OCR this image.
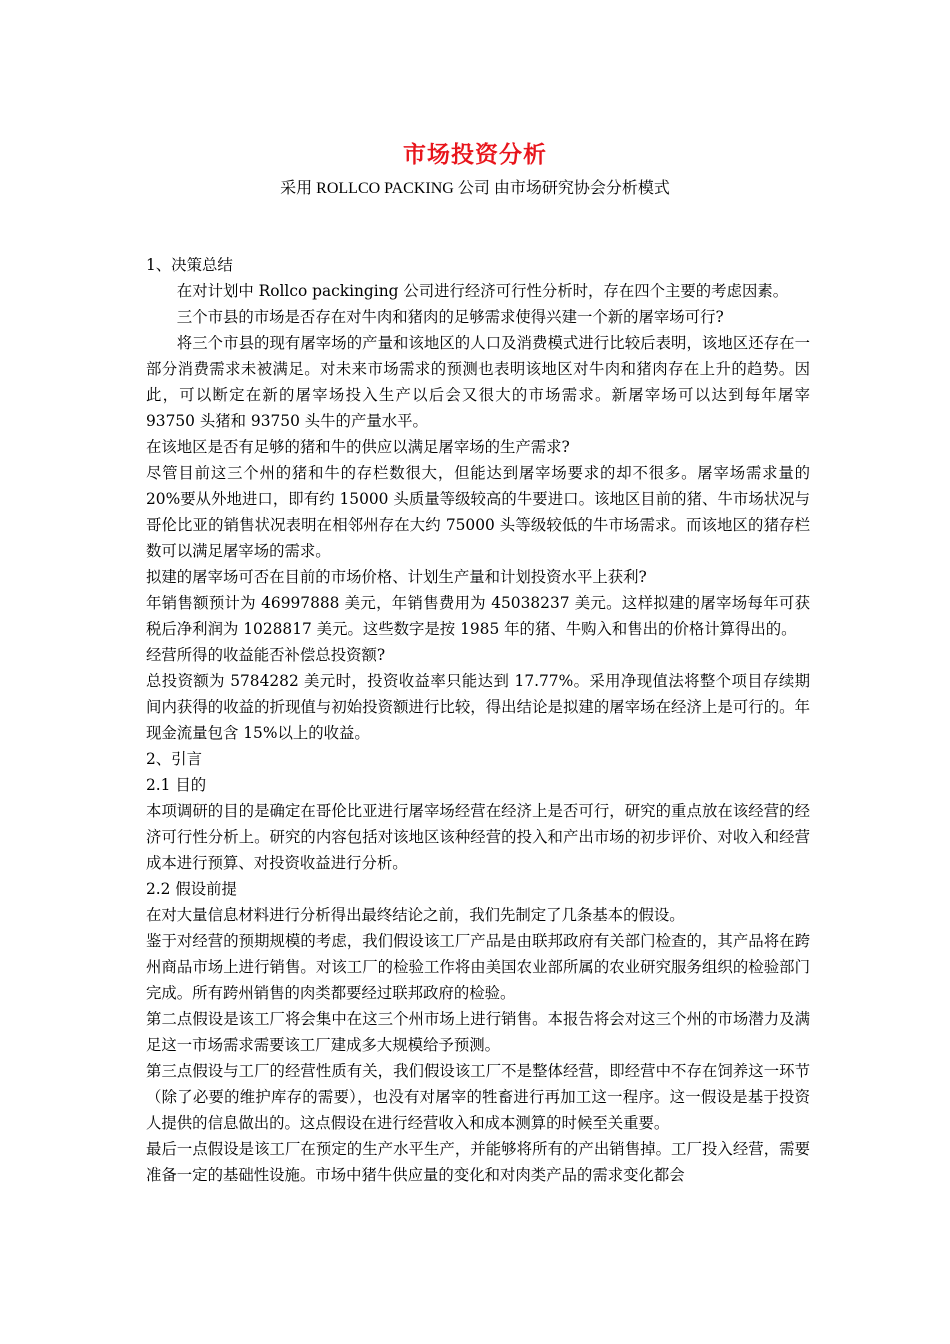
市场投资分析
采用 ROLLCO PACKING 公司 由市场研究协会分析模式

1、决策总结

在对计划中 Rollco packinging 公司进行经济可行性分析时，存在四个主要的考虑因素。

三个市县的市场是否存在对牛肉和猪肉的足够需求使得兴建一个新的屠宰场可行?

将三个市县的现有屠宰场的产量和该地区的人口及消费模式进行比较后表明，该地区还存在一部分消费需求未被满足。对未来市场需求的预测也表明该地区对牛肉和猪肉存在上升的趋势。因此，可以断定在新的屠宰场投入生产以后会又很大的市场需求。新屠宰场可以达到每年屠宰 93750 头猪和 93750 头牛的产量水平。

在该地区是否有足够的猪和牛的供应以满足屠宰场的生产需求?

尽管目前这三个州的猪和牛的存栏数很大，但能达到屠宰场要求的却不很多。屠宰场需求量的 20%要从外地进口，即有约 15000 头质量等级较高的牛要进口。该地区目前的猪、牛市场状况与哥伦比亚的销售状况表明在相邻州存在大约 75000 头等级较低的牛市场需求。而该地区的猪存栏数可以满足屠宰场的需求。

拟建的屠宰场可否在目前的市场价格、计划生产量和计划投资水平上获利?

年销售额预计为 46997888 美元，年销售费用为 45038237 美元。这样拟建的屠宰场每年可获税后净利润为 1028817 美元。这些数字是按 1985 年的猪、牛购入和售出的价格计算得出的。

经营所得的收益能否补偿总投资额?

总投资额为 5784282 美元时，投资收益率只能达到 17.77%。采用净现值法将整个项目存续期间内获得的收益的折现值与初始投资额进行比较，得出结论是拟建的屠宰场在经济上是可行的。年现金流量包含 15%以上的收益。

2、引言

2.1 目的

本项调研的目的是确定在哥伦比亚进行屠宰场经营在经济上是否可行，研究的重点放在该经营的经济可行性分析上。研究的内容包括对该地区该种经营的投入和产出市场的初步评价、对收入和经营成本进行预算、对投资收益进行分析。

2.2 假设前提

在对大量信息材料进行分析得出最终结论之前，我们先制定了几条基本的假设。

鉴于对经营的预期规模的考虑，我们假设该工厂产品是由联邦政府有关部门检查的，其产品将在跨州商品市场上进行销售。对该工厂的检验工作将由美国农业部所属的农业研究服务组织的检验部门完成。所有跨州销售的肉类都要经过联邦政府的检验。

第二点假设是该工厂将会集中在这三个州市场上进行销售。本报告将会对这三个州的市场潜力及满足这一市场需求需要该工厂建成多大规模给予预测。

第三点假设与工厂的经营性质有关，我们假设该工厂不是整体经营，即经营中不存在饲养这一环节（除了必要的维护库存的需要），也没有对屠宰的牲畜进行再加工这一程序。这一假设是基于投资人提供的信息做出的。这点假设在进行经营收入和成本测算的时候至关重要。

最后一点假设是该工厂在预定的生产水平生产，并能够将所有的产出销售掉。工厂投入经营，需要准备一定的基础性设施。市场中猪牛供应量的变化和对肉类产品的需求变化都会
